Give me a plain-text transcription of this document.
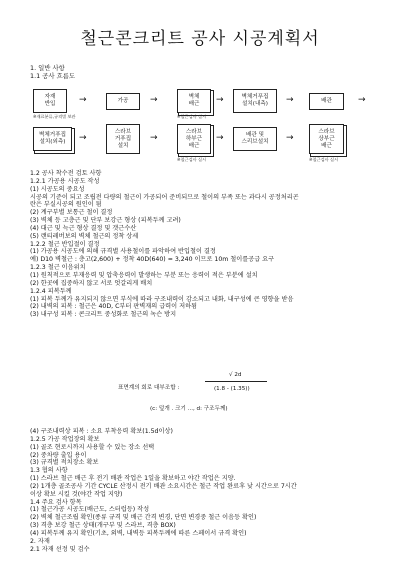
철근콘크리트 공사 시공계획서
1. 일반 사항
1.1 공사 흐름도
자재
반입	→	가공 →	벽체
배근 →	벽체거푸집
설치(내측) →	배관	→
※재료분류,규격별 보관	※철근검사 실시
벽체거푸집
설치(외측) →
스라브
거푸집
설치
→
스라브
하부근
배근
→	배관 및
스리브설치 →
스라브
상부근
배근
※철근검사 실시	※철근검사 실시
1.2 공사 착수전 검토 사항
1.2.1 가공용 시공도 작성
(1) 시공도의 중요성
시공의 기준이 되고 조립전 다량의 철근이 가공되어 준비되므로 철이의 부족 또는 과다시 공정처리곤
란은 부실시공의 원인이 됨
(2) 계구부별 보통근 철이 결정
(3) 벽체 등 고층근 및 단부 보강근 형상 (피복두께 고려)
(4) 대근 및 늑근 형상 결정 및 갯근수산
(5) 랜티레버보의 벽체 철근의 정착 상세
1.2.2 철근 반입절이 결정
(1) 가공용 시공도에 의해 규격별 사용철이를 파악하여 반입철이 결정
예) D10 벽철근 : 층고(2,600) + 정착 40D(640) = 3,240 이므로 10m 철이를공급 요구
1.2.3 철근 이음위치
(1) 원칙적으로 부재응력 및 압축응력이 발생하는 부분 또는 응력이 적은 부분에 설치
(2) 한곳에 집중하지 않고 서로 엇갈리게 배치
1.2.4 피복두께
(1) 피복 두께가 유지되지 않으면 부식에 따라 구조내력이 감소되고 내화, 내구성에 큰 영향을 받음
(2) 내벽의 피복 : 철근은 40D, C부터 판벽재의 급력이 저하됨
(3) 내구성 피복 : 콘크리트 중성화로 철근의 녹슨 방지
표면계의 회로 대부조합 :
√ 2d
(1.8 - (1.35))
(c: 덮개 . 크기 ..., d: 구조두께)
(4) 구조내력상 피복 : 소요 부착응력 확보(1.5d이상)
1.2.5 가공 작업장의 확보
(1) 골조 현로시까지 사용할 수 있는 장소 선택
(2) 중차량 출입 용이
(3) 규격별 적치장소 확보
1.3 협의 사항
(1) 스라브 철근 배근 후 전기 배관 작업은 1일을 확보하고 야간 작업은 지양.
(2) 1개층 골조공사 기간 CYCLE 산정시 전기 배관 소요시간은 철근 작업 완료후 낮 시간으로 7시간
이상 확보 시킬 것(야간 작업 지양)
1.4 주요 검사 항목
(1) 철근가공 시공도(배근도, 스터럽등) 작성
(2) 벽체 철근조립 확인(종류 규격 및 배근 간격 변경, 단면 변경중 철근 이음등 확인)
(3) 격층 보강 철근 상태(개구부 및 스라브, 격층 BOX)
(4) 피복두께 유지 확인(기초, 외벽, 내벽등 피복두께에 따른 스페이서 규격 확인)
2. 자재
2.1 자재 선정 및 검수
